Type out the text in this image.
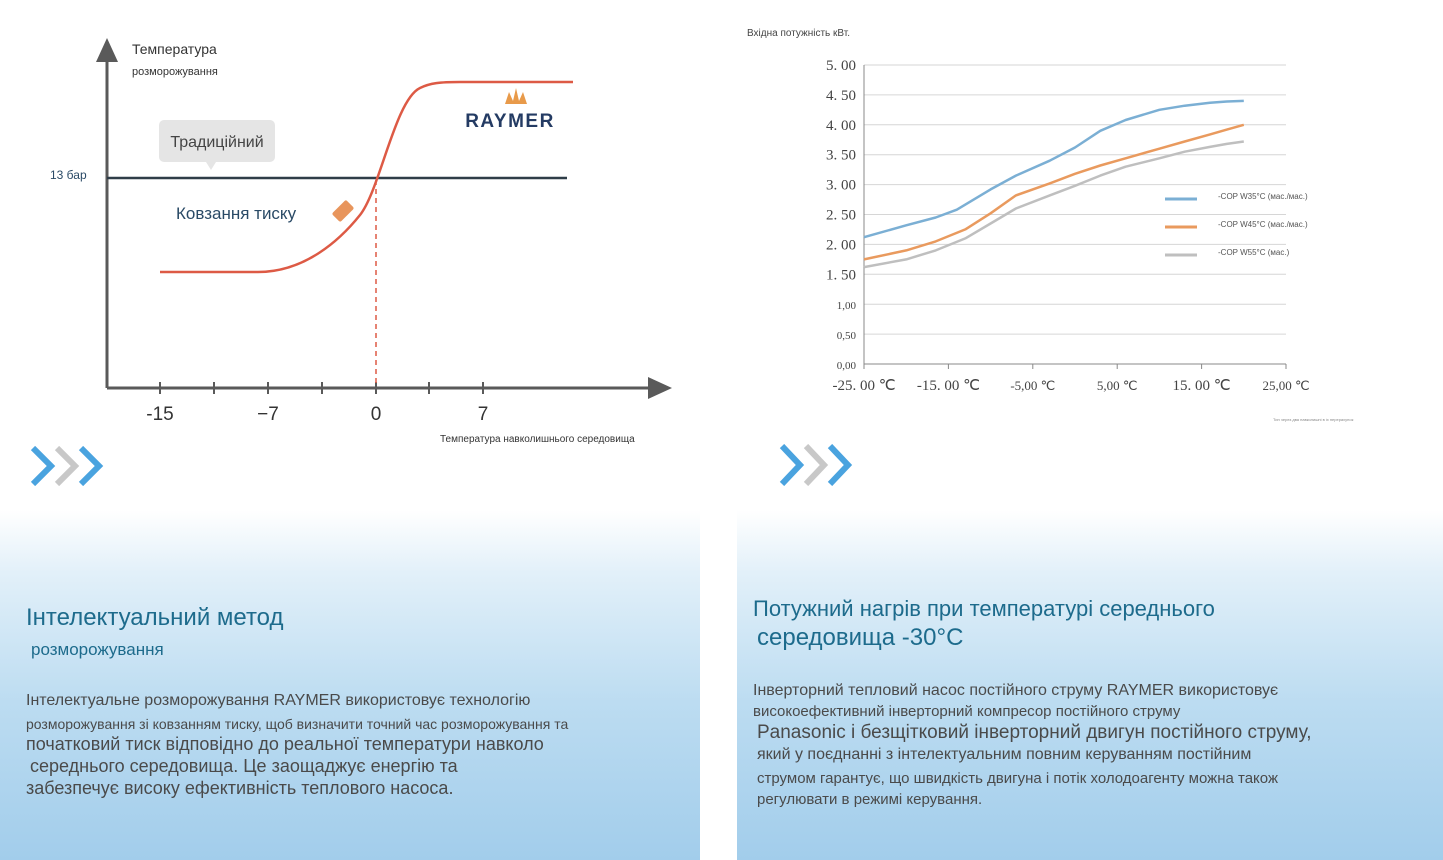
Температура
розморожування
Температура навколишнього середовища
-15	−7	0	7
13 бар
Традиційний
Ковзання тиску
RAYMER
Інтелектуальний метод
розморожування
Інтелектуальне розморожування RAYMER використовує технологію
розморожування зі ковзанням тиску, щоб визначити точний час розморожування та
початковий тиск відповідно до реальної температури навколо
середнього середовища. Це заощаджує енергію та
забезпечує високу ефективність теплового насоса.
Вхідна потужність кВт.
5. 00
4. 50
4. 00
3. 50
3. 00
2. 50
2. 00
1. 50
1,00
0,50
0,00
-25. 00 ℃ -15. 00 ℃ -5,00 ℃	5,00 ℃ 15. 00 ℃ 25,00 ℃
-COP W35°C (мас./мас.)
-COP W45°C (мас./мас.)
-COP W55°C (мас.)
Тип через два навколишні в іх перерахунок
Потужний нагрів при температурі середнього
середовища -30°C
Інверторний тепловий насос постійного струму RAYMER використовує
високоефективний інверторний компресор постійного струму
Panasonic і безщітковий інверторний двигун постійного струму,
який у поєднанні з інтелектуальним повним керуванням постійним
струмом гарантує, що швидкість двигуна і потік холодоагенту можна також
регулювати в режимі керування.
